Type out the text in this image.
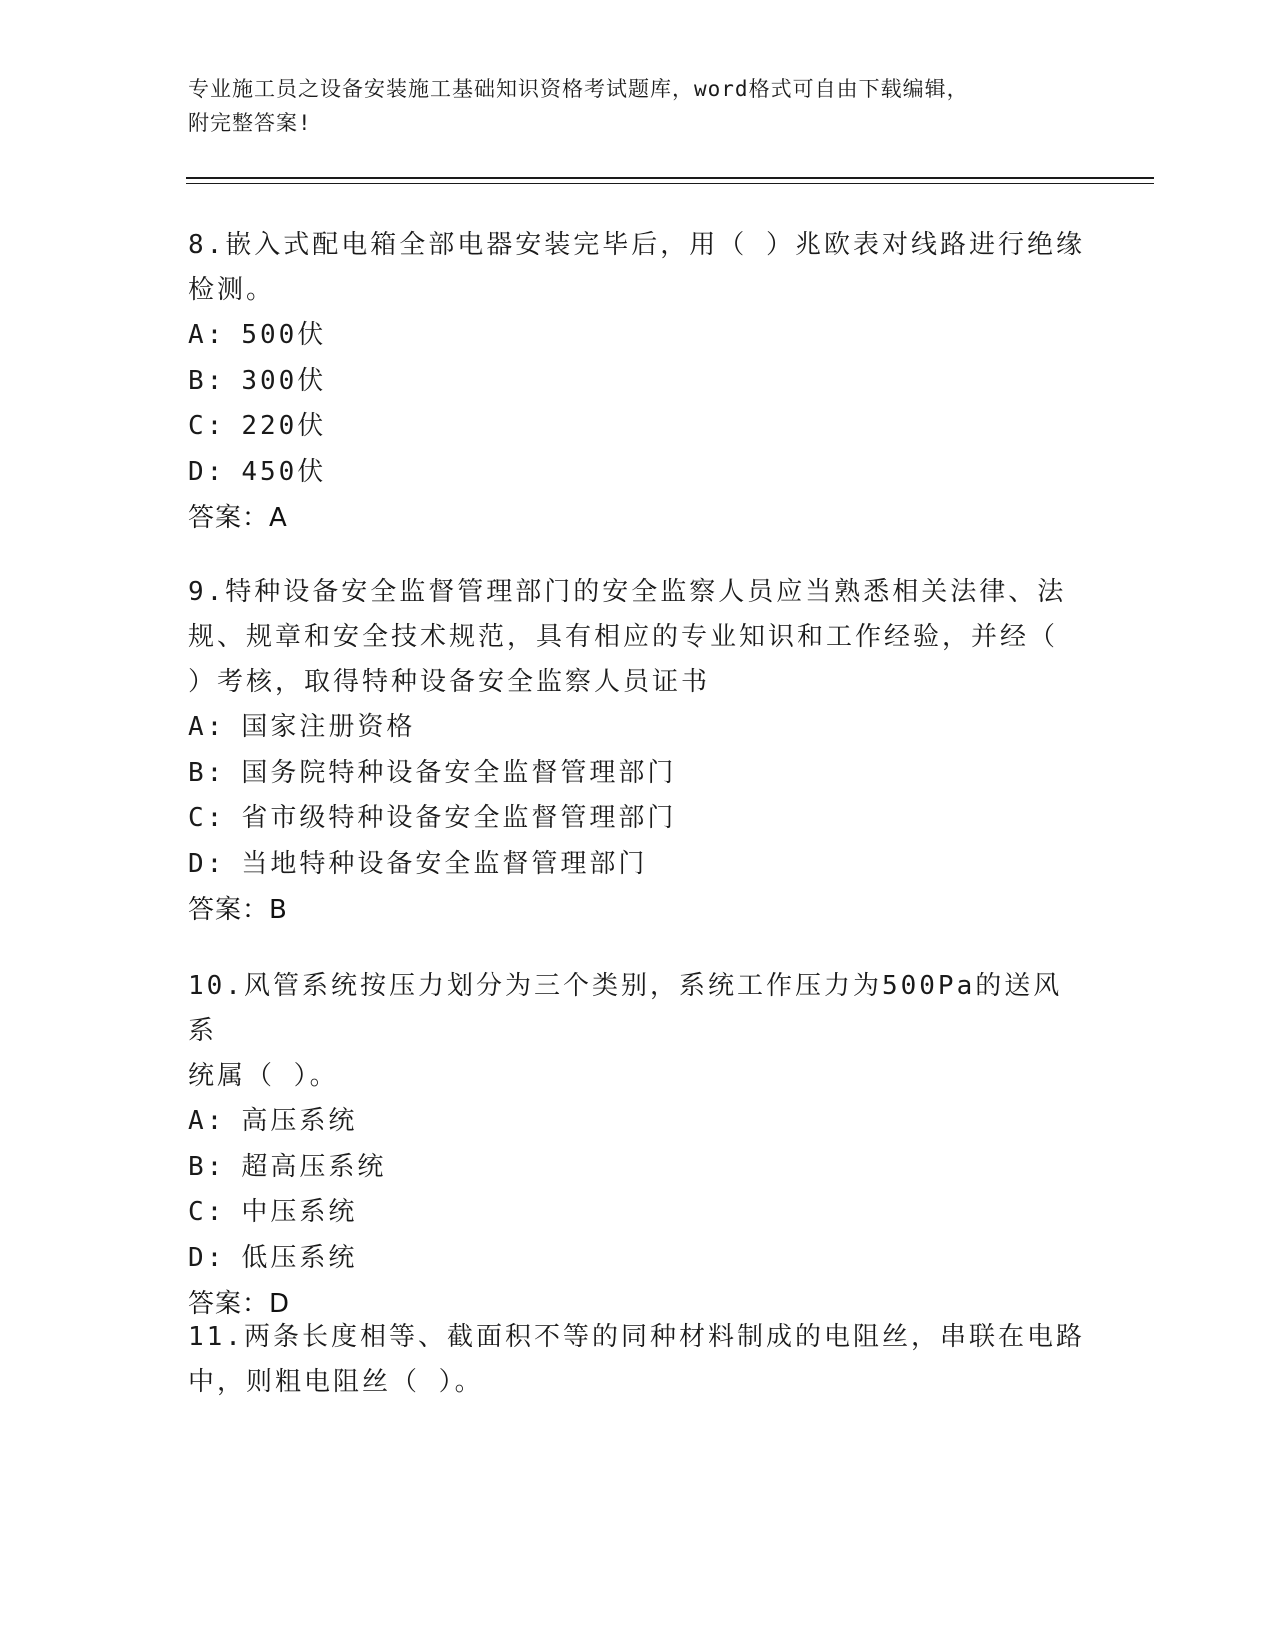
专业施工员之设备安装施工基础知识资格考试题库，word格式可自由下载编辑，
附完整答案!
8.嵌入式配电箱全部电器安装完毕后，用（ ）兆欧表对线路进行绝缘
检测。
A: 500伏
B: 300伏
C: 220伏
D: 450伏
答案：A
9.特种设备安全监督管理部门的安全监察人员应当熟悉相关法律、法
规、规章和安全技术规范，具有相应的专业知识和工作经验，并经（
）考核，取得特种设备安全监察人员证书
A: 国家注册资格
B: 国务院特种设备安全监督管理部门
C: 省市级特种设备安全监督管理部门
D: 当地特种设备安全监督管理部门
答案：B
10.风管系统按压力划分为三个类别，系统工作压力为500Pa的送风系
统属（ ）。
A: 高压系统
B: 超高压系统
C: 中压系统
D: 低压系统
答案：D
11.两条长度相等、截面积不等的同种材料制成的电阻丝，串联在电路
中，则粗电阻丝（ ）。
